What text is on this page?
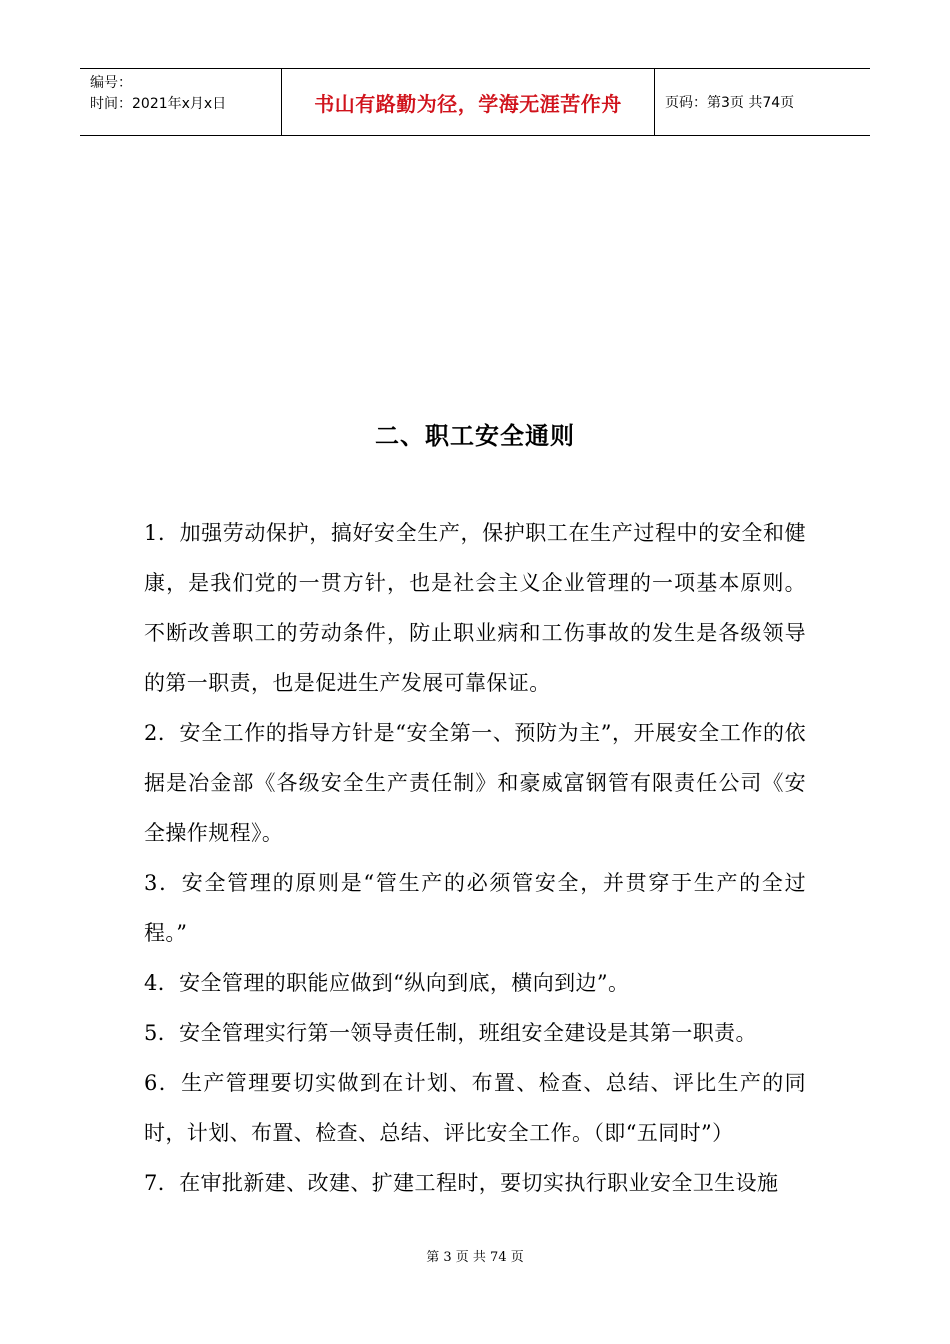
编号：
时间：2021年x月x日	书山有路勤为径，学海无涯苦作舟	页码：第3页 共74页
二、职工安全通则

1．加强劳动保护，搞好安全生产，保护职工在生产过程中的安全和健康，是我们党的一贯方针，也是社会主义企业管理的一项基本原则。不断改善职工的劳动条件，防止职业病和工伤事故的发生是各级领导的第一职责，也是促进生产发展可靠保证。

2．安全工作的指导方针是“安全第一、预防为主”，开展安全工作的依据是冶金部《各级安全生产责任制》和豪威富钢管有限责任公司《安全操作规程》。

3．安全管理的原则是“管生产的必须管安全，并贯穿于生产的全过程。”

4．安全管理的职能应做到“纵向到底，横向到边”。

5．安全管理实行第一领导责任制，班组安全建设是其第一职责。

6．生产管理要切实做到在计划、布置、检查、总结、评比生产的同时，计划、布置、检查、总结、评比安全工作。（即“五同时”）

7．在审批新建、改建、扩建工程时，要切实执行职业安全卫生设施

第 3 页 共 74 页
